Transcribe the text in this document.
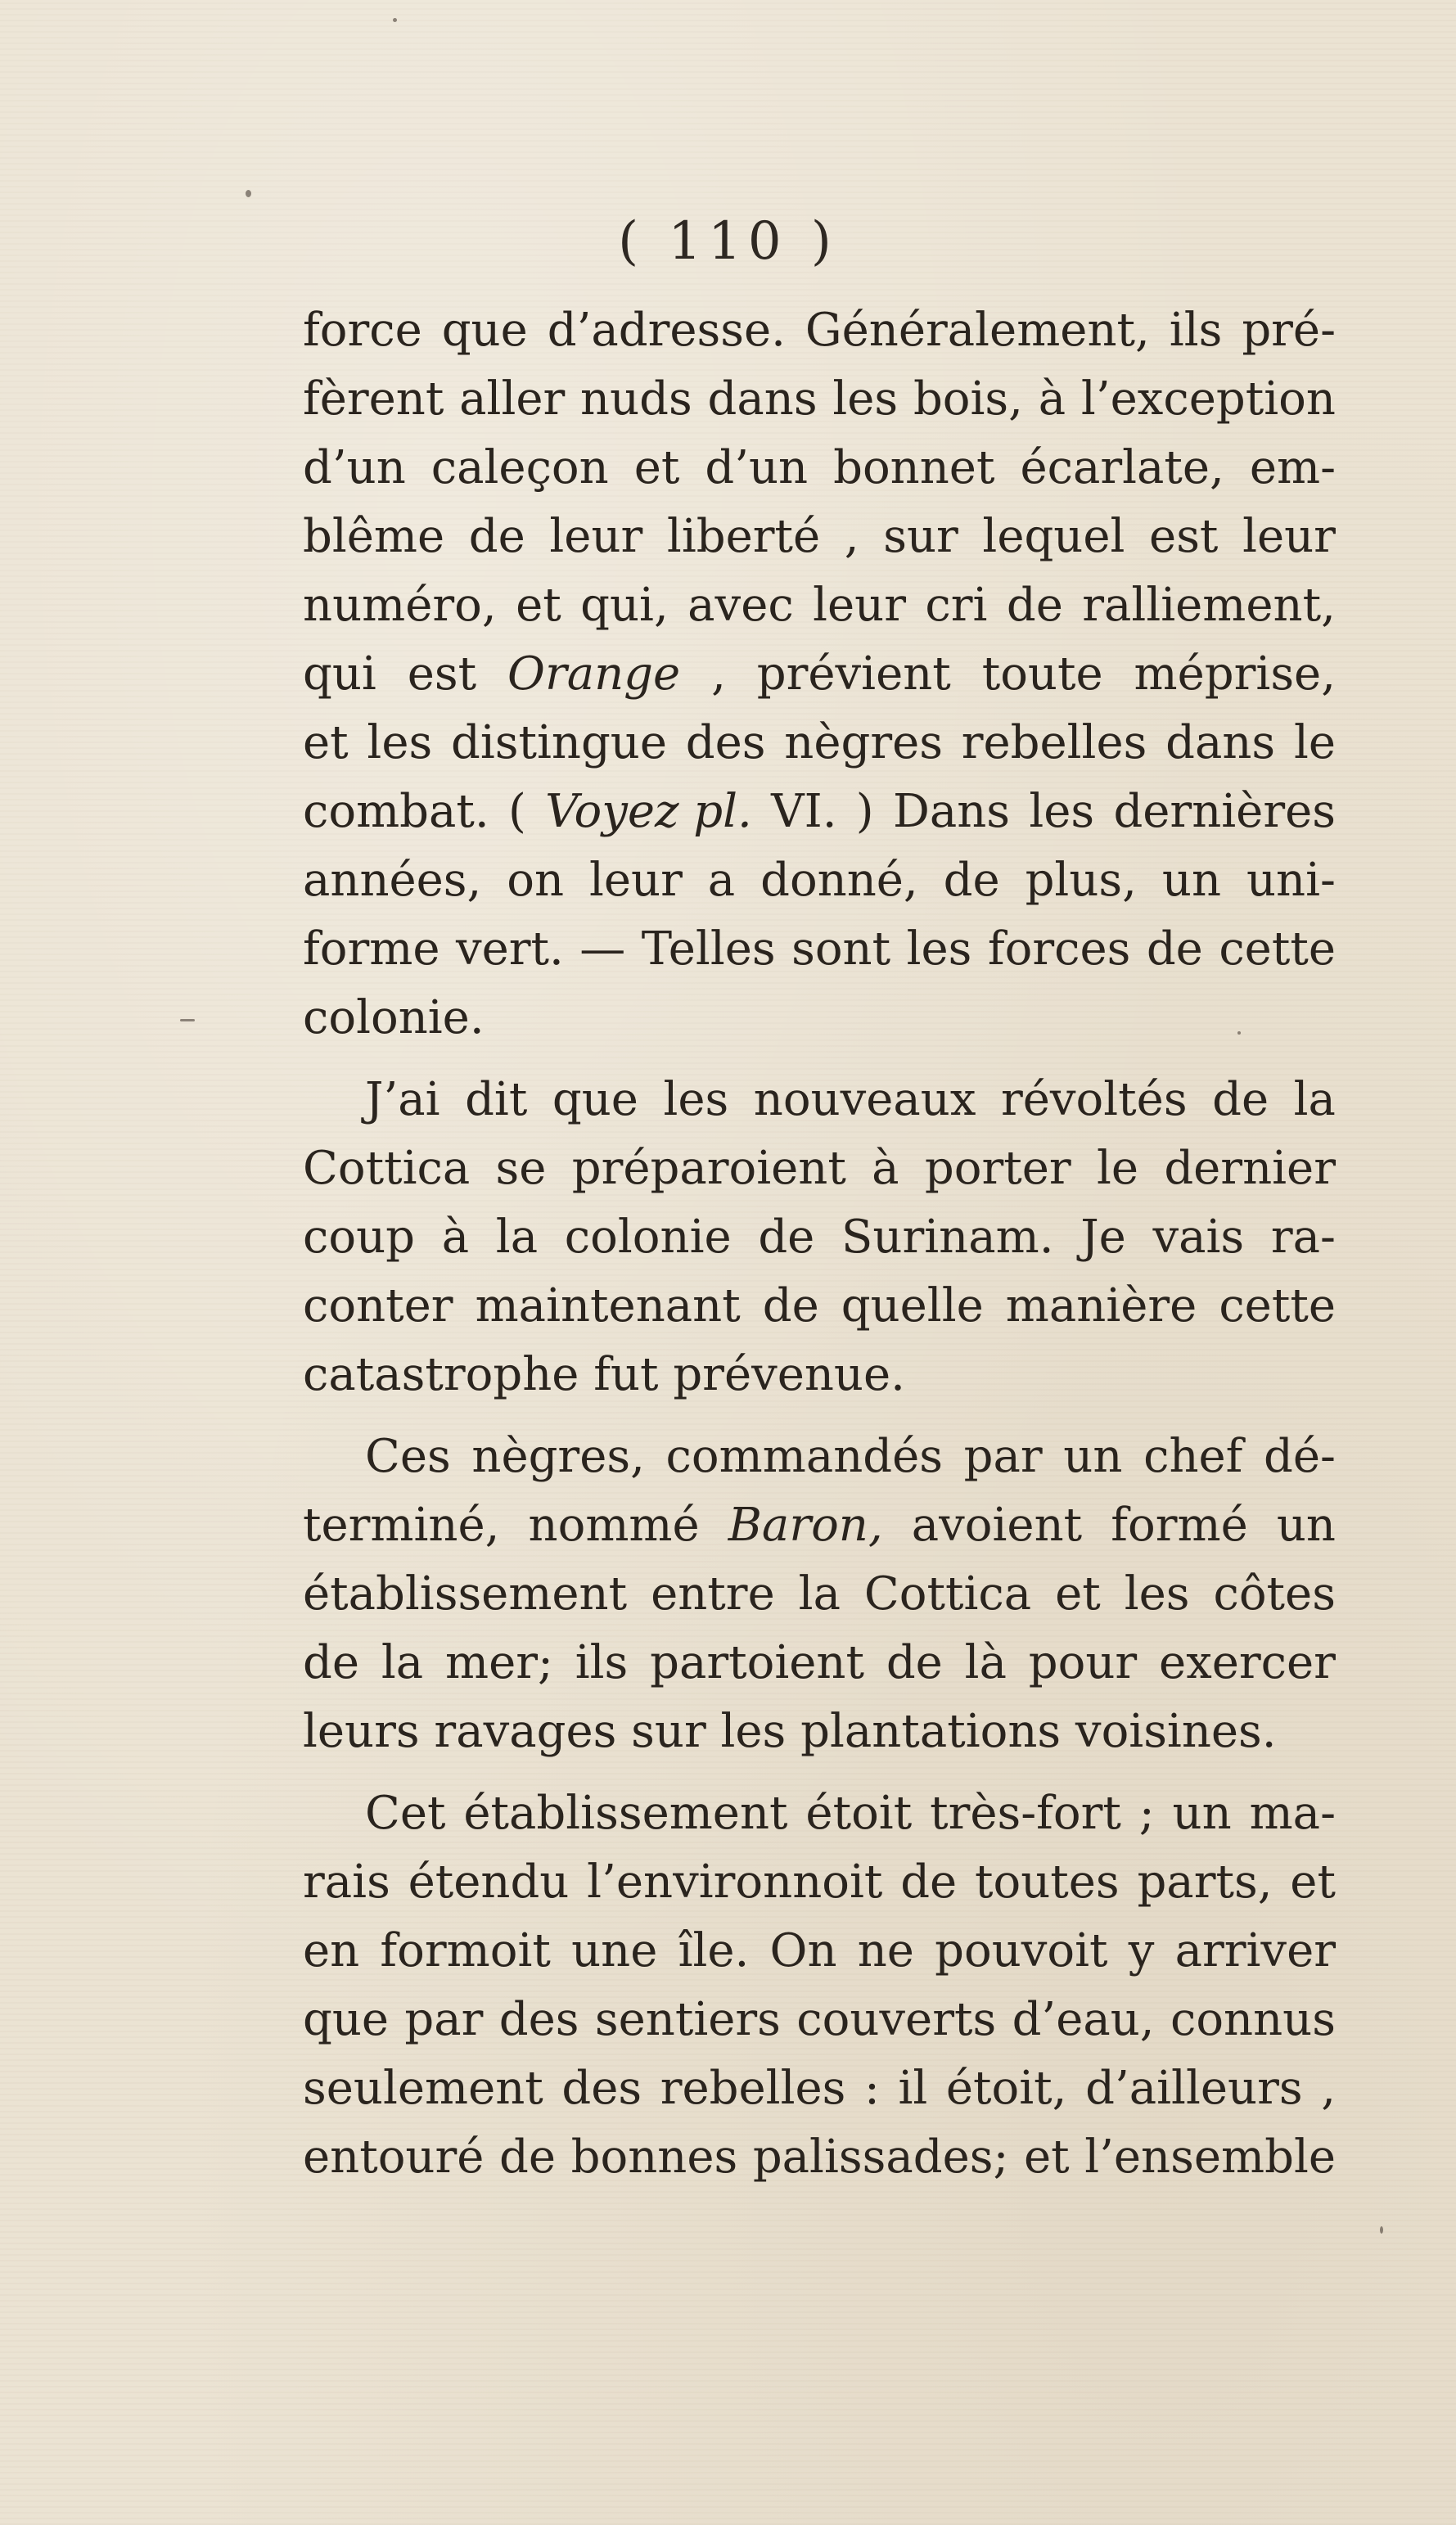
( 110 )
force que d’adresse. Généralement, ils pré-
fèrent aller nuds dans les bois, à l’exception
d’un caleçon et d’un bonnet écarlate, em-
blême de leur liberté , sur lequel est leur
numéro, et qui, avec leur cri de ralliement,
qui est Orange , prévient toute méprise,
et les distingue des nègres rebelles dans le
combat. ( Voyez pl. VI. ) Dans les dernières
années, on leur a donné, de plus, un uni-
forme vert. — Telles sont les forces de cette
colonie.
J’ai dit que les nouveaux révoltés de la
Cottica se préparoient à porter le dernier
coup à la colonie de Surinam. Je vais ra-
conter maintenant de quelle manière cette
catastrophe fut prévenue.
Ces nègres, commandés par un chef dé-
terminé, nommé Baron, avoient formé un
établissement entre la Cottica et les côtes
de la mer; ils partoient de là pour exercer
leurs ravages sur les plantations voisines.
Cet établissement étoit très-fort ; un ma-
rais étendu l’environnoit de toutes parts, et
en formoit une île. On ne pouvoit y arriver
que par des sentiers couverts d’eau, connus
seulement des rebelles : il étoit, d’ailleurs ,
entouré de bonnes palissades; et l’ensemble
